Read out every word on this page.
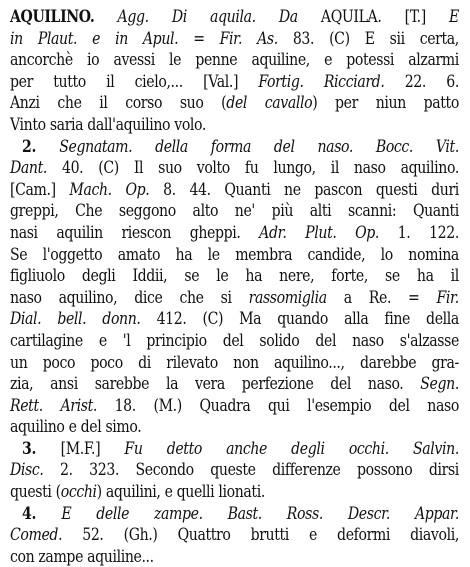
AQUILINO. Agg. Di aquila. Da AQUILA. [T.] E
in Plaut. e in Apul. = Fir. As. 83. (C) E sii certa,
ancorchè io avessi le penne aquiline, e potessi alzarmi
per tutto il cielo,... [Val.] Fortig. Ricciard. 22. 6.
Anzi che il corso suo (del cavallo) per niun patto
Vinto saria dall'aquilino volo.
2. Segnatam. della forma del naso. Bocc. Vit.
Dant. 40. (C) Il suo volto fu lungo, il naso aquilino.
[Cam.] Mach. Op. 8. 44. Quanti ne pascon questi duri
greppi, Che seggono alto ne' più alti scanni: Quanti
nasi aquilin riescon gheppi. Adr. Plut. Op. 1. 122.
Se l'oggetto amato ha le membra candide, lo nomina
figliuolo degli Iddii, se le ha nere, forte, se ha il
naso aquilino, dice che si rassomiglia a Re. = Fir.
Dial. bell. donn. 412. (C) Ma quando alla fine della
cartilagine e 'l principio del solido del naso s'alzasse
un poco poco di rilevato non aquilino..., darebbe gra-
zia, ansi sarebbe la vera perfezione del naso. Segn.
Rett. Arist. 18. (M.) Quadra qui l'esempio del naso
aquilino e del simo.
3. [M.F.] Fu detto anche degli occhi. Salvin.
Disc. 2. 323. Secondo queste differenze possono dirsi
questi (occhi) aquilini, e quelli lionati.
4. E delle zampe. Bast. Ross. Descr. Appar.
Comed. 52. (Gh.) Quattro brutti e deformi diavoli,
con zampe aquiline...
